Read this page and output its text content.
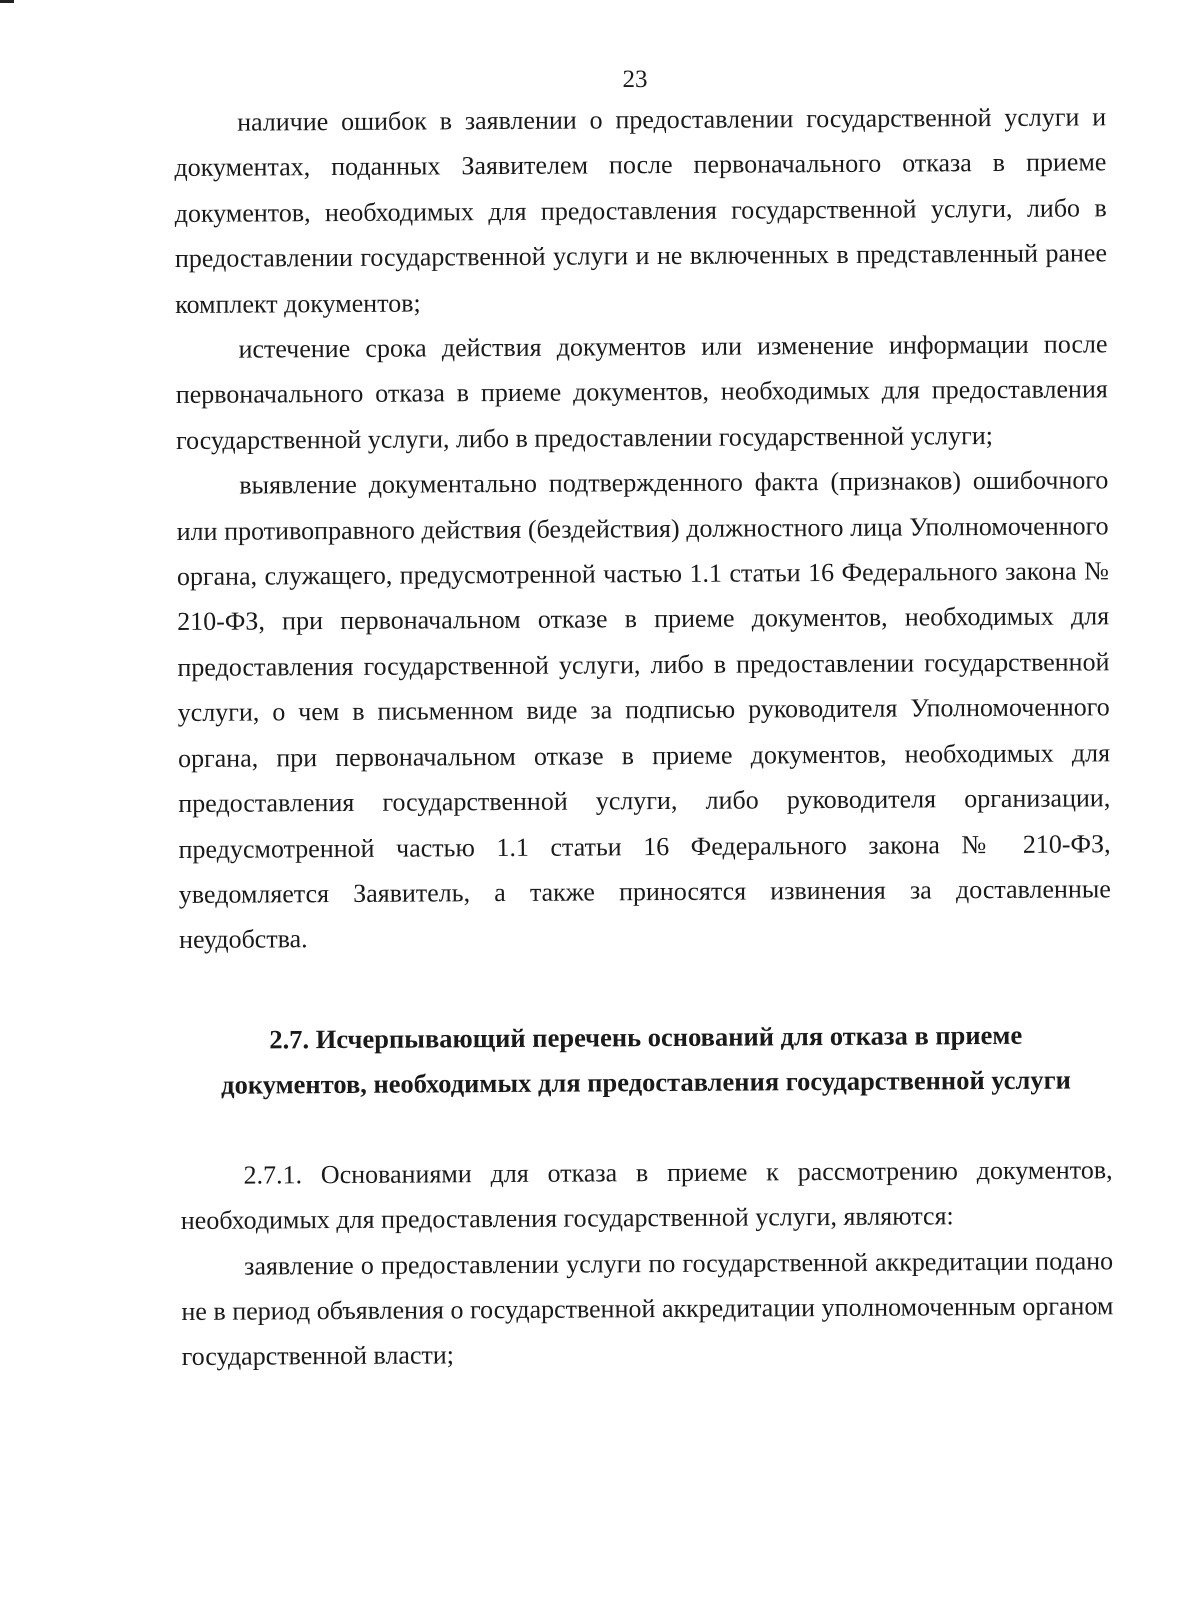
23

наличие ошибок в заявлении о предоставлении государственной услуги и документах, поданных Заявителем после первоначального отказа в приеме документов, необходимых для предоставления государственной услуги, либо в предоставлении государственной услуги и не включенных в представленный ранее комплект документов;

истечение срока действия документов или изменение информации после первоначального отказа в приеме документов, необходимых для предоставления государственной услуги, либо в предоставлении государственной услуги;

выявление документально подтвержденного факта (признаков) ошибочного или противоправного действия (бездействия) должностного лица Уполномоченного органа, служащего, предусмотренной частью 1.1 статьи 16 Федерального закона № 210-ФЗ, при первоначальном отказе в приеме документов, необходимых для предоставления государственной услуги, либо в предоставлении государственной услуги, о чем в письменном виде за подписью руководителя Уполномоченного органа, при первоначальном отказе в приеме документов, необходимых для предоставления государственной услуги, либо руководителя организации, предусмотренной частью 1.1 статьи 16 Федерального закона № 210-ФЗ, уведомляется Заявитель, а также приносятся извинения за доставленные неудобства.

2.7. Исчерпывающий перечень оснований для отказа в приеме
документов, необходимых для предоставления государственной услуги

2.7.1. Основаниями для отказа в приеме к рассмотрению документов, необходимых для предоставления государственной услуги, являются:

заявление о предоставлении услуги по государственной аккредитации подано не в период объявления о государственной аккредитации уполномоченным органом государственной власти;
